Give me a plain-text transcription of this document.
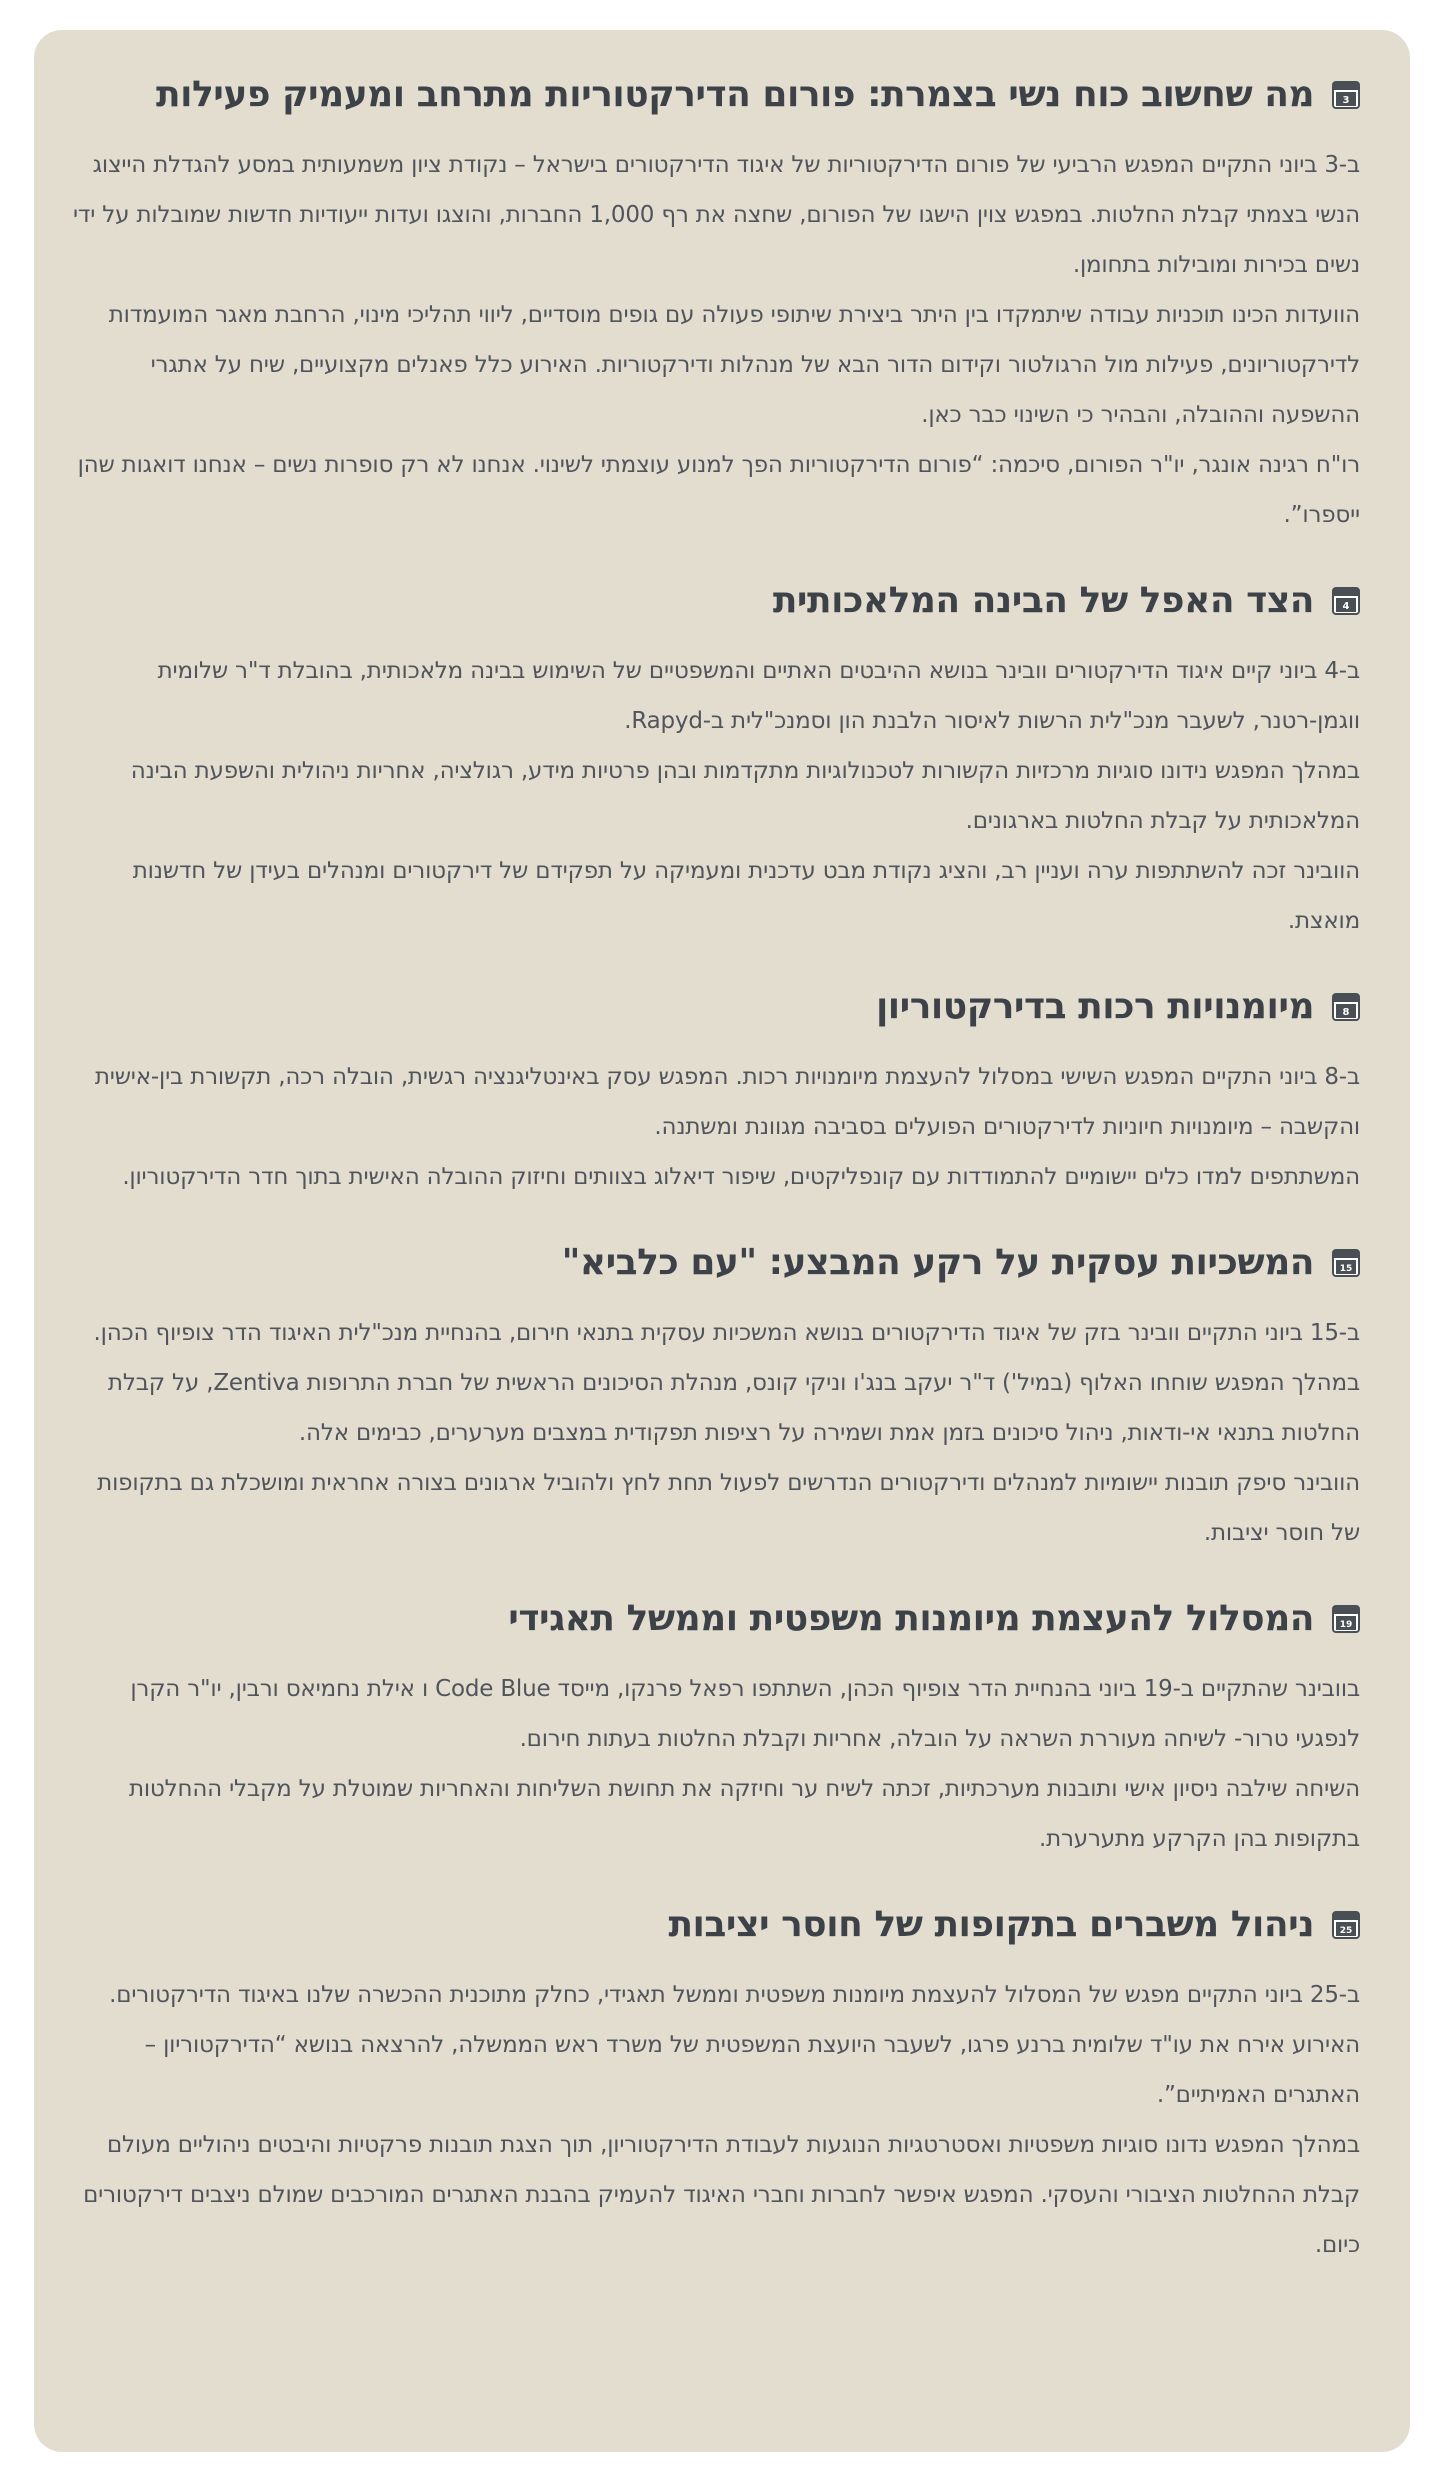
3
מה שחשוב כוח נשי בצמרת: פורום הדירקטוריות מתרחב ומעמיק פעילות

ב-3 ביוני התקיים המפגש הרביעי של פורום הדירקטוריות של איגוד הדירקטורים בישראל – נקודת ציון משמעותית במסע להגדלת הייצוג הנשי בצמתי קבלת החלטות. במפגש צוין הישגו של הפורום, שחצה את רף 1,000 החברות, והוצגו ועדות ייעודיות חדשות שמובלות על ידי נשים בכירות ומובילות בתחומן.

הוועדות הכינו תוכניות עבודה שיתמקדו בין היתר ביצירת שיתופי פעולה עם גופים מוסדיים, ליווי תהליכי מינוי, הרחבת מאגר המועמדות לדירקטוריונים, פעילות מול הרגולטור וקידום הדור הבא של מנהלות ודירקטוריות. האירוע כלל פאנלים מקצועיים, שיח על אתגרי ההשפעה וההובלה, והבהיר כי השינוי כבר כאן.

רו"ח רגינה אונגר, יו"ר הפורום, סיכמה: “פורום הדירקטוריות הפך למנוע עוצמתי לשינוי. אנחנו לא רק סופרות נשים – אנחנו דואגות שהן ייספרו”.

4
הצד האפל של הבינה המלאכותית

ב-4 ביוני קיים איגוד הדירקטורים וובינר בנושא ההיבטים האתיים והמשפטיים של השימוש בבינה מלאכותית, בהובלת ד"ר שלומית ווגמן-רטנר, לשעבר מנכ"לית הרשות לאיסור הלבנת הון וסמנכ"לית ב-Rapyd.

במהלך המפגש נידונו סוגיות מרכזיות הקשורות לטכנולוגיות מתקדמות ובהן פרטיות מידע, רגולציה, אחריות ניהולית והשפעת הבינה המלאכותית על קבלת החלטות בארגונים.

הוובינר זכה להשתתפות ערה ועניין רב, והציג נקודת מבט עדכנית ומעמיקה על תפקידם של דירקטורים ומנהלים בעידן של חדשנות מואצת.

8
מיומנויות רכות בדירקטוריון

ב-8 ביוני התקיים המפגש השישי במסלול להעצמת מיומנויות רכות. המפגש עסק באינטליגנציה רגשית, הובלה רכה, תקשורת בין-אישית והקשבה – מיומנויות חיוניות לדירקטורים הפועלים בסביבה מגוונת ומשתנה.

המשתתפים למדו כלים יישומיים להתמודדות עם קונפליקטים, שיפור דיאלוג בצוותים וחיזוק ההובלה האישית בתוך חדר הדירקטוריון.

15
המשכיות עסקית על רקע המבצע: "עם כלביא"

ב-15 ביוני התקיים וובינר בזק של איגוד הדירקטורים בנושא המשכיות עסקית בתנאי חירום, בהנחיית מנכ"לית האיגוד הדר צופיוף הכהן.

במהלך המפגש שוחחו האלוף (במיל') ד"ר יעקב בנג'ו וניקי קונס, מנהלת הסיכונים הראשית של חברת התרופות Zentiva, על קבלת החלטות בתנאי אי-ודאות, ניהול סיכונים בזמן אמת ושמירה על רציפות תפקודית במצבים מערערים, כבימים אלה.

הוובינר סיפק תובנות יישומיות למנהלים ודירקטורים הנדרשים לפעול תחת לחץ ולהוביל ארגונים בצורה אחראית ומושכלת גם בתקופות של חוסר יציבות.

19
המסלול להעצמת מיומנות משפטית וממשל תאגידי

בוובינר שהתקיים ב-19 ביוני בהנחיית הדר צופיוף הכהן, השתתפו רפאל פרנקו, מייסד Code Blue ו אילת נחמיאס ורבין, יו"ר הקרן לנפגעי טרור- לשיחה מעוררת השראה על הובלה, אחריות וקבלת החלטות בעתות חירום.

השיחה שילבה ניסיון אישי ותובנות מערכתיות, זכתה לשיח ער וחיזקה את תחושת השליחות והאחריות שמוטלת על מקבלי ההחלטות בתקופות בהן הקרקע מתערערת.

25
ניהול משברים בתקופות של חוסר יציבות

ב-25 ביוני התקיים מפגש של המסלול להעצמת מיומנות משפטית וממשל תאגידי, כחלק מתוכנית ההכשרה שלנו באיגוד הדירקטורים.

האירוע אירח את עו"ד שלומית ברנע פרגו, לשעבר היועצת המשפטית של משרד ראש הממשלה, להרצאה בנושא “הדירקטוריון – האתגרים האמיתיים”.

במהלך המפגש נדונו סוגיות משפטיות ואסטרטגיות הנוגעות לעבודת הדירקטוריון, תוך הצגת תובנות פרקטיות והיבטים ניהוליים מעולם קבלת ההחלטות הציבורי והעסקי. המפגש איפשר לחברות וחברי האיגוד להעמיק בהבנת האתגרים המורכבים שמולם ניצבים דירקטורים כיום.
